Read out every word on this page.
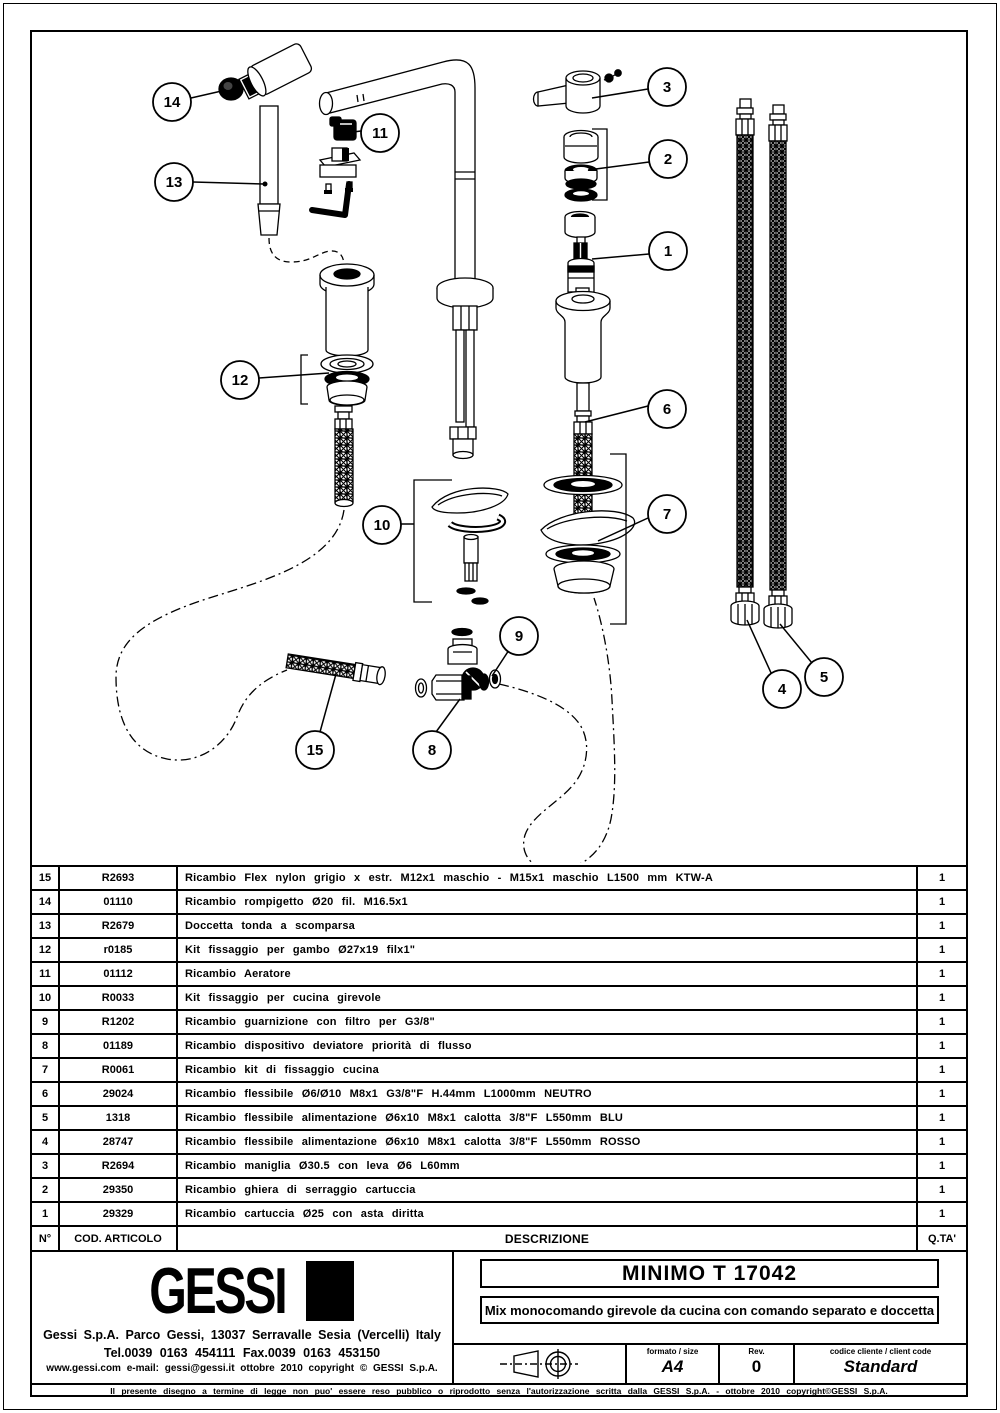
14
13
11
3
2
1
12
6
7
10
9
15	8
4
5
15	R2693	Ricambio Flex nylon grigio x estr. M12x1 maschio - M15x1 maschio L1500 mm KTW-A	1
14	01110	Ricambio rompigetto Ø20 fil. M16.5x1	1
13	R2679	Doccetta tonda a scomparsa	1
12	r0185	Kit fissaggio per gambo Ø27x19 filx1"	1
11	01112	Ricambio Aeratore	1
10	R0033	Kit fissaggio per cucina girevole	1
9	R1202	Ricambio guarnizione con filtro per G3/8"	1
8	01189	Ricambio dispositivo deviatore priorità di flusso	1
7	R0061	Ricambio kit di fissaggio cucina	1
6	29024	Ricambio flessibile Ø6/Ø10 M8x1 G3/8"F H.44mm L1000mm NEUTRO	1
5	1318	Ricambio flessibile alimentazione Ø6x10 M8x1 calotta 3/8"F L550mm BLU	1
4	28747	Ricambio flessibile alimentazione Ø6x10 M8x1 calotta 3/8"F L550mm ROSSO	1
3	R2694	Ricambio maniglia Ø30.5 con leva Ø6 L60mm	1
2	29350	Ricambio ghiera di serraggio cartuccia	1
1	29329	Ricambio cartuccia Ø25 con asta diritta	1
N°	COD. ARTICOLO	DESCRIZIONE	Q.TA'
GESSI
Gessi S.p.A. Parco Gessi, 13037 Serravalle Sesia (Vercelli) Italy
Tel.0039 0163 454111 Fax.0039 0163 453150
www.gessi.com e-mail: gessi@gessi.it ottobre 2010 copyright © GESSI S.p.A.
MINIMO T 17042
Mix monocomando girevole da cucina con comando separato e doccetta
formato / size
A4
Rev.
0
codice cliente / client code
Standard
Il presente disegno a termine di legge non puo' essere reso pubblico o riprodotto senza l'autorizzazione scritta dalla GESSI S.p.A. - ottobre 2010 copyright©GESSI S.p.A.
